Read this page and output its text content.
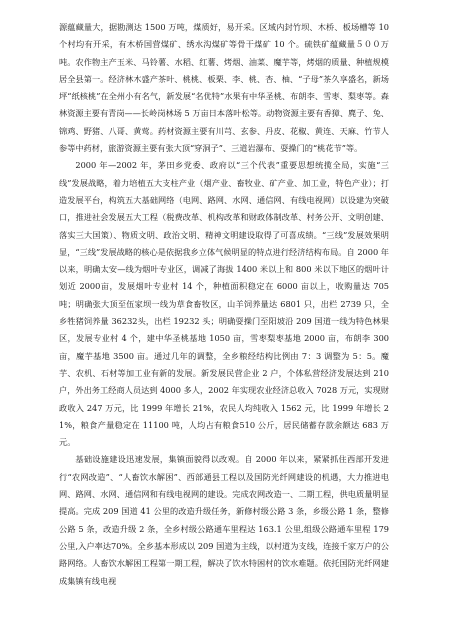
源蕴藏量大，据勘测达 1500 万吨，煤质好，易开采。区域内封竹坝、木桥、板场槽等 10个村均有开采，有木桥国营煤矿、绣水沟煤矿等骨干煤矿 10 个。硫铁矿蕴藏量５００万吨。农作物主产玉米、马铃薯、水稻、红薯、烤烟、油菜、魔芋等，烤烟的质量、种植规模居全县第一。经济林木盛产茶叶、桃桃、板栗、李、桃、杏、柚、“子母”茶久享盛名，新场坪“纸核桃”在全州小有名气，新发展“名优特”水果有中华圣桃、布朗李、雪枣、梨枣等。森林资源主要有青岗——长岭岗林场 5 万亩日本落叶松等。动物资源主要有香獐、麂子、兔、锦鸡、野猪、八哥、黄莺。药材资源主要有川芎、玄参、丹皮、花椒、黄连、天麻、竹节人参等中药材，旅游资源主要有张大顶“穿洞子”、三道岩瀑布、耍操门的“桃花节”等。

2000 年—2002 年，茅田乡党委、政府以“三个代表”重要思想统揽全局，实施“三线”发展战略，着力培植五大支柱产业（烟产业、畜牧业、矿产业、加工业，特色产业）；打造发展平台，构筑五大基础网络（电网、路网、水网、通信网、有线电视网）以设建为突破口，推进社会发展五大工程（税费改革、机构改革和财政体制改革、村务公开、文明创建、落实三大国策）、物质文明、政治文明、精神文明建设取得了可喜成绩。“三线”发展效果明显，“三线”发展战略的核心是依据我乡立体气候明显的特点进行经济结构布局。自 2000 年以来，明确太安—线为烟叶专业区，调减了海拔 1400 米以上和 800 米以下地区的烟叶计划近 2000亩，发展烟叶专业村 14 个，种植面积稳定在 6000 亩以上，收购量达 705 吨；明确张大顶至伍家坝一线为草食畜牧区，山羊饲养量达 6801 只，出栏 2739 只，全乡牲猪饲养量 36232头，出栏 19232 头；明确耍操门至阳坡沿 209 国道一线为特色林果区，发展专业村 4 个，建中华圣桃基地 1050 亩，雪枣梨枣基地 2000 亩，布朗李 300 亩，魔芋基地 3500 亩。通过几年的调整，全乡粮经结构比例由 7：3 调整为 5：5。魔芋、农机、石材等加工业有新的发展。新发展民营企业 2 户，个体私营经济发展达到 210 户，外出务工经商人员达到 4000 多人，2002 年实现农业经济总收入 7028 万元，实现财政收入 247 万元，比 1999 年增长 21%，农民人均纯收入 1562 元，比 1999 年增长 21%，粮食产量稳定在 11100 吨，人均占有粮食510 公斤，居民储蓄存款余额达 683 万元。

基础设施建设迅速发展，集镇面貌得以改观。自 2000 年以来，紧紧抓住西部开发进行“农网改造”、“人畜饮水解困”、西部通县工程以及国防光纤网建设的机遇，大力推进电网、路网、水网、通信网和有线电视网的建设。完成农网改造一、二期工程，供电质量明显提高。完成 209 国道 41 公里的改造升级任务，新修村级公路 3 条，乡级公路 1 条，整修公路 5 条，改造升级 2 条，全乡村级公路通车里程达 163.1 公里,组级公路通车里程 179 公里,入户率达70%。全乡基本形成以 209 国道为主线，以村道为支线，连接千家万户的公路网络。人畜饮水解困工程第一期工程，解决了饮水特困村的饮水难题。依托国防光纤网建成集镇有线电视
